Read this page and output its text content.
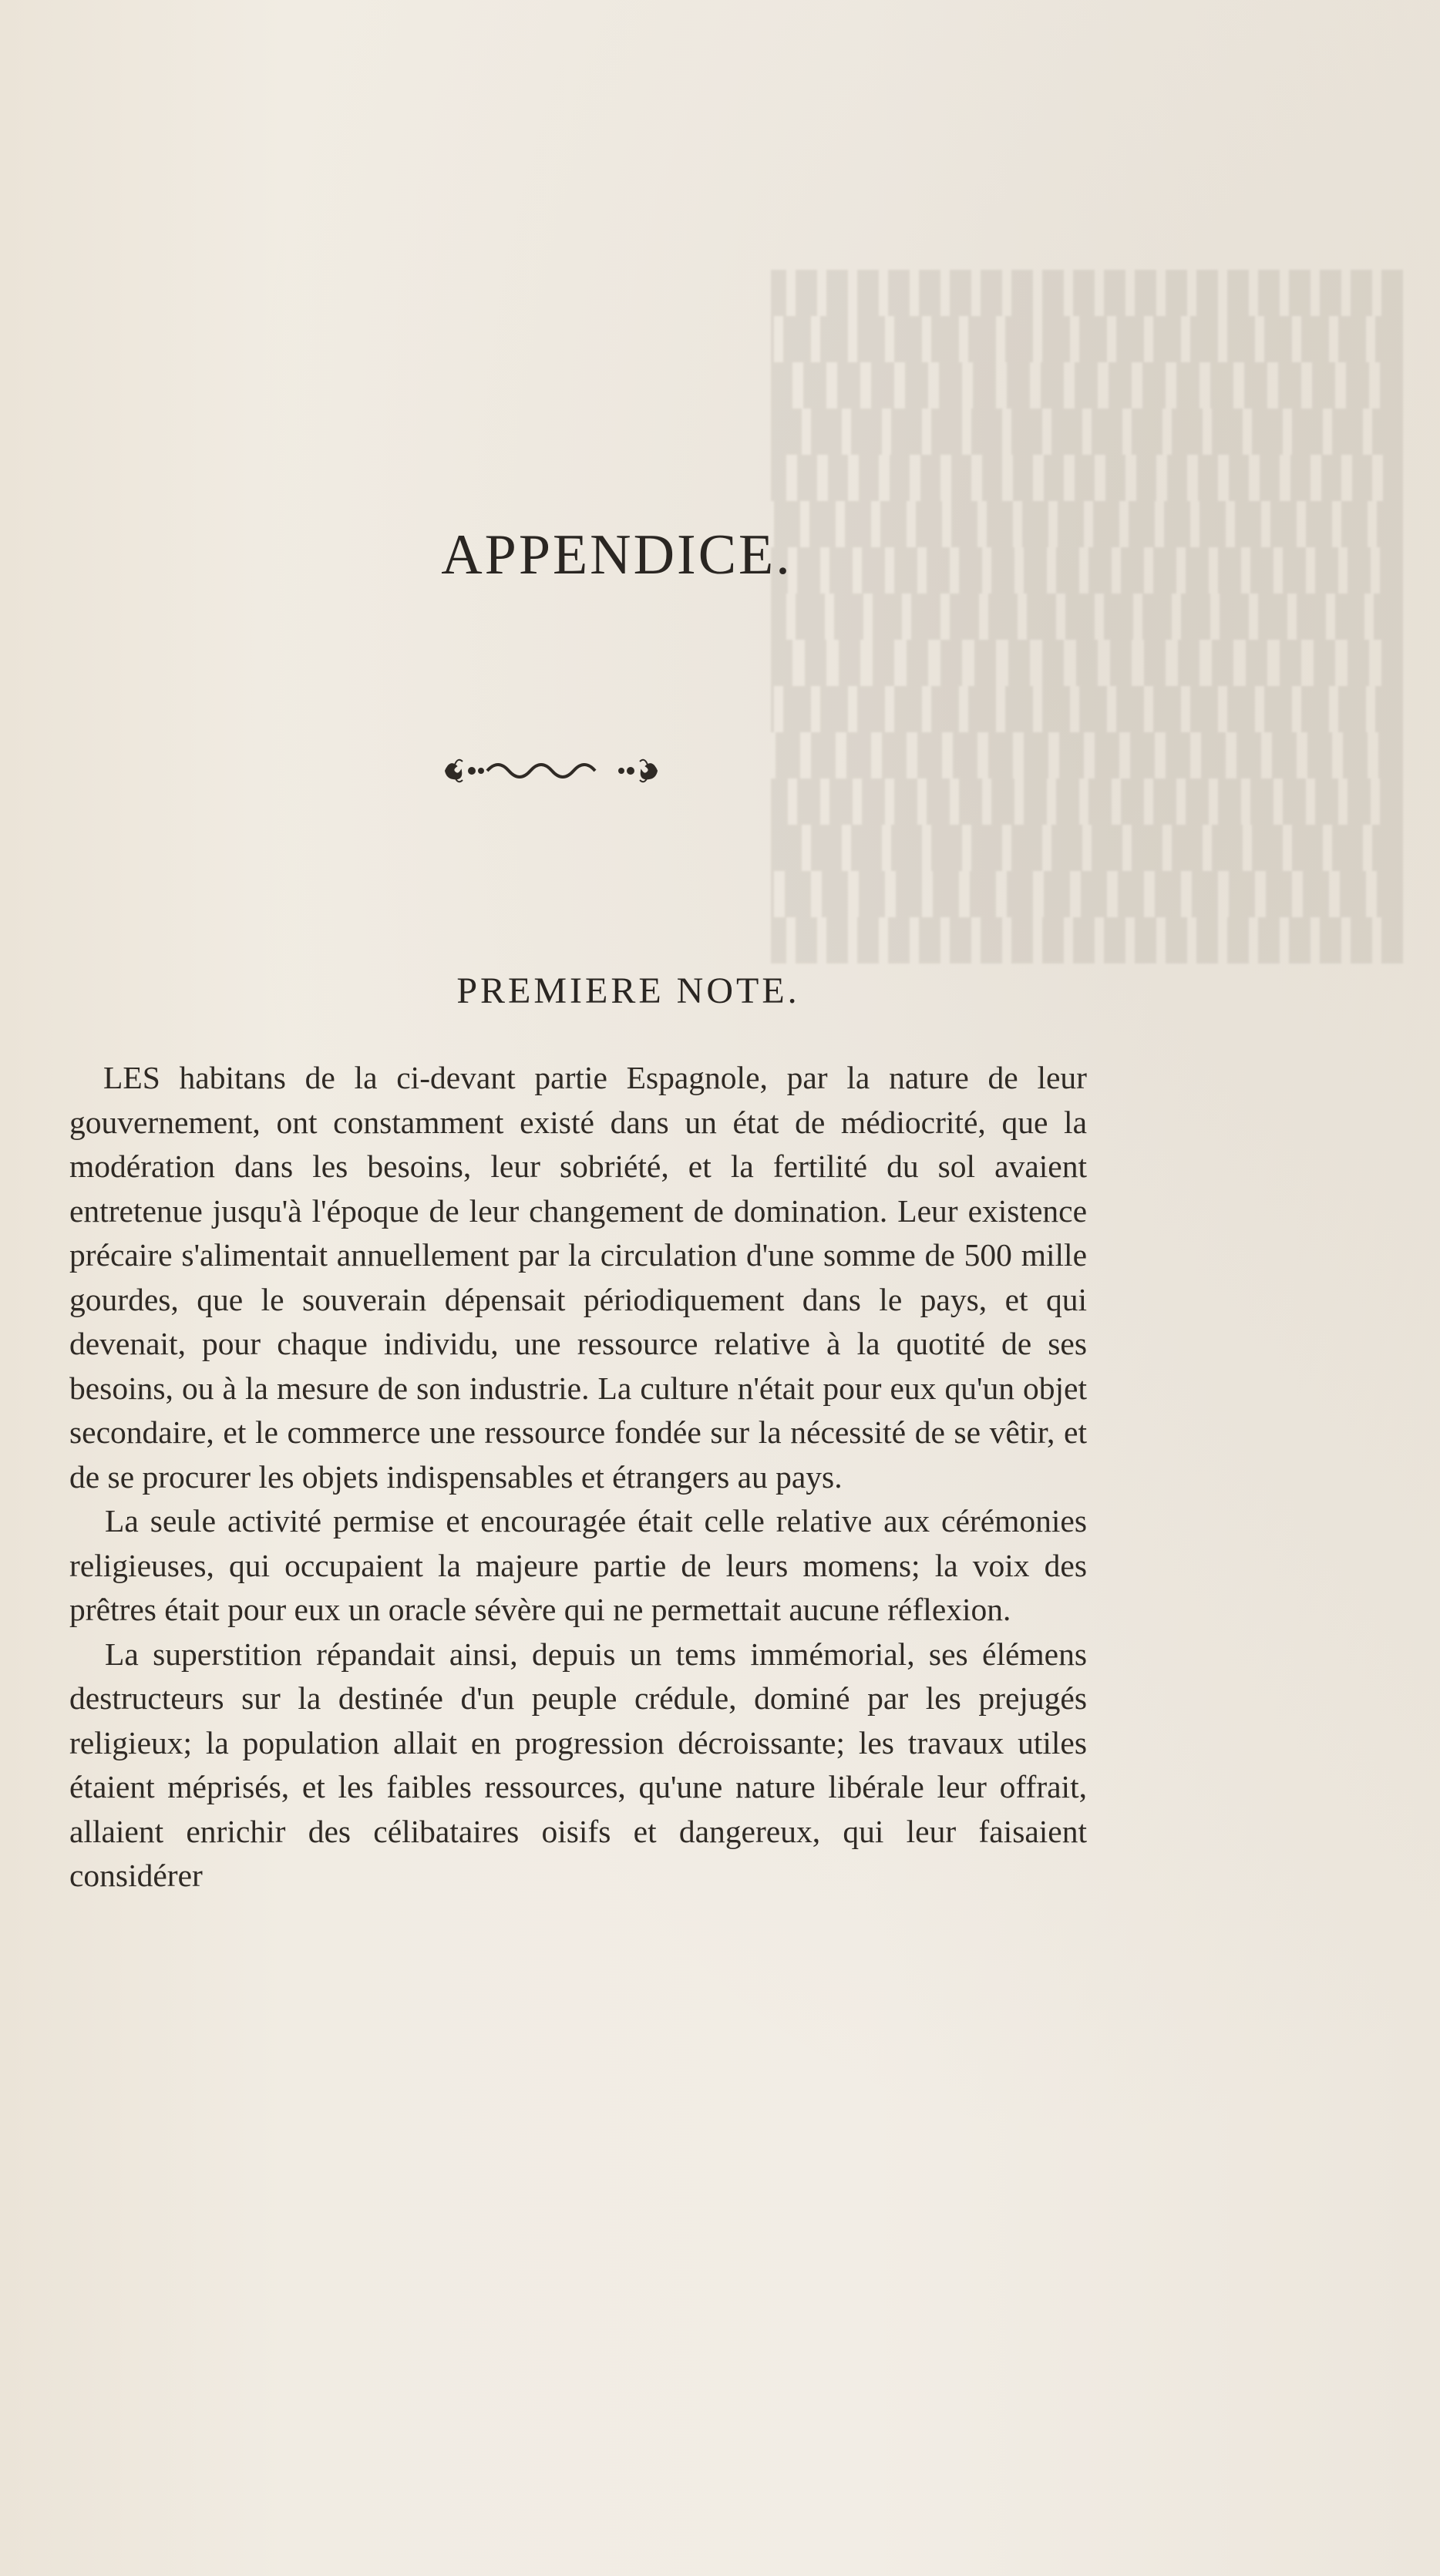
APPENDICE.
PREMIERE NOTE.

LES habitans de la ci-devant partie Espagnole, par la nature de leur gouvernement, ont constamment existé dans un état de médiocrité, que la modération dans les besoins, leur sobriété, et la fertilité du sol avaient entretenue jusqu'à l'époque de leur changement de domination. Leur existence précaire s'alimentait annuellement par la circulation d'une somme de 500 mille gourdes, que le souverain dépensait périodiquement dans le pays, et qui devenait, pour chaque individu, une ressource relative à la quotité de ses besoins, ou à la mesure de son industrie. La culture n'était pour eux qu'un objet secondaire, et le commerce une ressource fondée sur la nécessité de se vêtir, et de se procurer les objets indispensables et étrangers au pays.

La seule activité permise et encouragée était celle relative aux cérémonies religieuses, qui occupaient la majeure partie de leurs momens; la voix des prêtres était pour eux un oracle sévère qui ne permettait aucune réflexion.

La superstition répandait ainsi, depuis un tems immémorial, ses élémens destructeurs sur la destinée d'un peuple crédule, dominé par les prejugés religieux; la population allait en progression décroissante; les travaux utiles étaient méprisés, et les faibles ressources, qu'une nature libérale leur offrait, allaient enrichir des célibataires oisifs et dangereux, qui leur faisaient considérer
